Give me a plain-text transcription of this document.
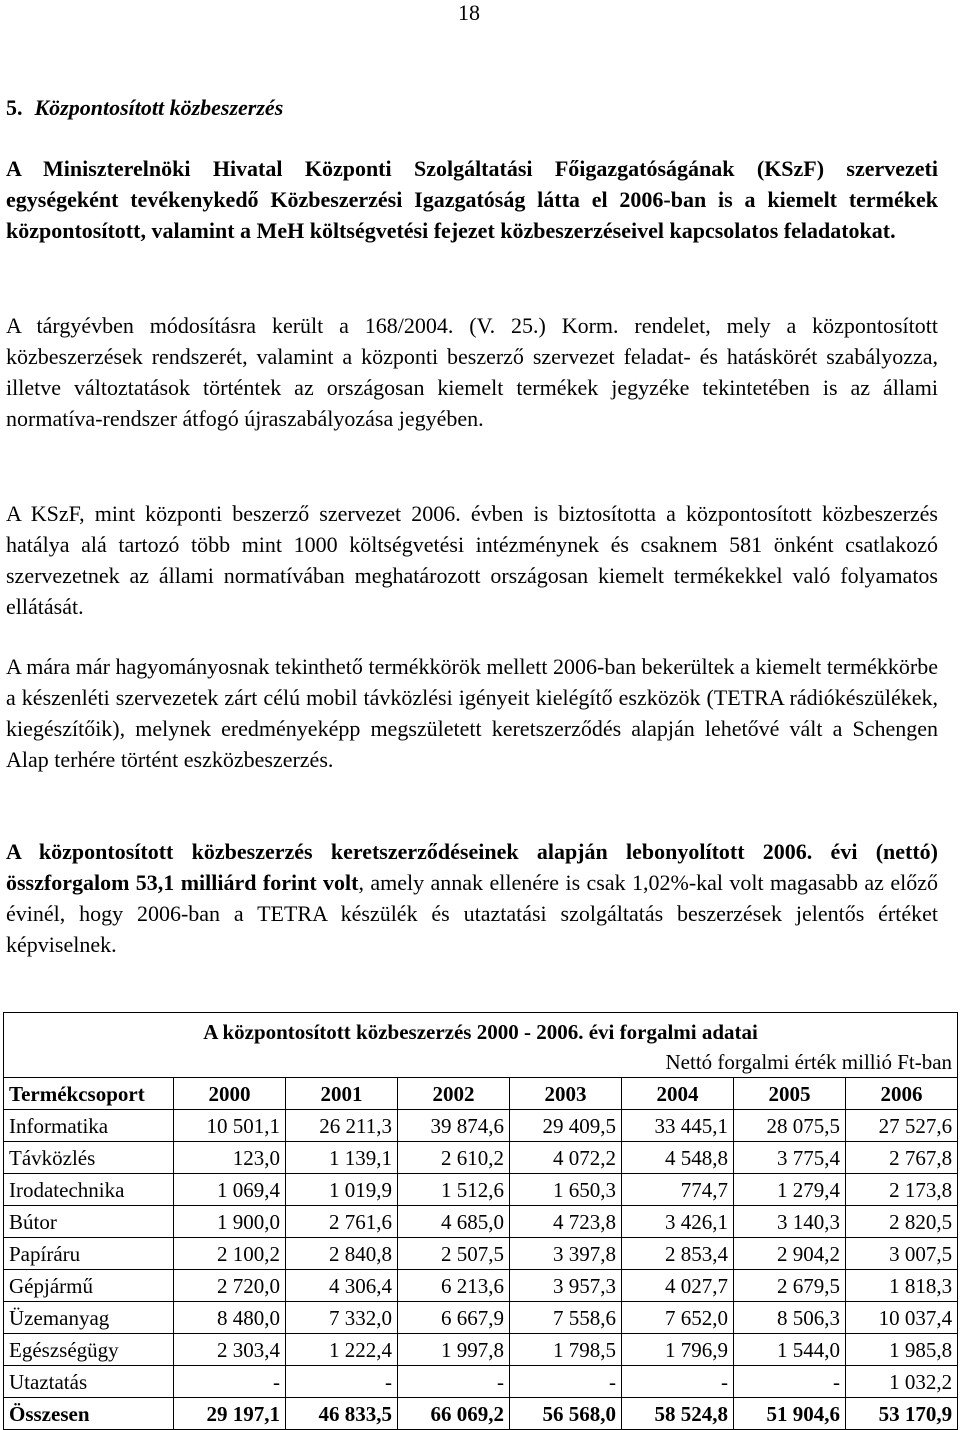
18
5. Központosított közbeszerzés

A Miniszterelnöki Hivatal Központi Szolgáltatási Főigazgatóságának (KSzF) szervezeti egységeként tevékenykedő Közbeszerzési Igazgatóság látta el 2006-ban is a kiemelt termékek központosított, valamint a MeH költségvetési fejezet közbeszerzéseivel kapcsolatos feladatokat.

A tárgyévben módosításra került a 168/2004. (V. 25.) Korm. rendelet, mely a központosított közbeszerzések rendszerét, valamint a központi beszerző szervezet feladat- és hatáskörét szabályozza, illetve változtatások történtek az országosan kiemelt termékek jegyzéke tekintetében is az állami normatíva-rendszer átfogó újraszabályozása jegyében.

A KSzF, mint központi beszerző szervezet 2006. évben is biztosította a központosított közbeszerzés hatálya alá tartozó több mint 1000 költségvetési intézménynek és csaknem 581 önként csatlakozó szervezetnek az állami normatívában meghatározott országosan kiemelt termékekkel való folyamatos ellátását.

A mára már hagyományosnak tekinthető termékkörök mellett 2006-ban bekerültek a kiemelt termékkörbe a készenléti szervezetek zárt célú mobil távközlési igényeit kielégítő eszközök (TETRA rádiókészülékek, kiegészítőik), melynek eredményeképp megszületett keretszerződés alapján lehetővé vált a Schengen Alap terhére történt eszközbeszerzés.

A központosított közbeszerzés keretszerződéseinek alapján lebonyolított 2006. évi (nettó) összforgalom 53,1 milliárd forint volt, amely annak ellenére is csak 1,02%-kal volt magasabb az előző évinél, hogy 2006-ban a TETRA készülék és utaztatási szolgáltatás beszerzések jelentős értéket képviselnek.

A központosított közbeszerzés 2000 - 2006. évi forgalmi adatai							
Nettó forgalmi érték millió Ft-ban							
Termékcsoport	2000	2001	2002	2003	2004	2005	2006
Informatika	10 501,1	26 211,3	39 874,6	29 409,5	33 445,1	28 075,5	27 527,6
Távközlés	123,0	1 139,1	2 610,2	4 072,2	4 548,8	3 775,4	2 767,8
Irodatechnika	1 069,4	1 019,9	1 512,6	1 650,3	774,7	1 279,4	2 173,8
Bútor	1 900,0	2 761,6	4 685,0	4 723,8	3 426,1	3 140,3	2 820,5
Papíráru	2 100,2	2 840,8	2 507,5	3 397,8	2 853,4	2 904,2	3 007,5
Gépjármű	2 720,0	4 306,4	6 213,6	3 957,3	4 027,7	2 679,5	1 818,3
Üzemanyag	8 480,0	7 332,0	6 667,9	7 558,6	7 652,0	8 506,3	10 037,4
Egészségügy	2 303,4	1 222,4	1 997,8	1 798,5	1 796,9	1 544,0	1 985,8
Utaztatás	-	-	-	-	-	-	1 032,2
Összesen	29 197,1	46 833,5	66 069,2	56 568,0	58 524,8	51 904,6	53 170,9
